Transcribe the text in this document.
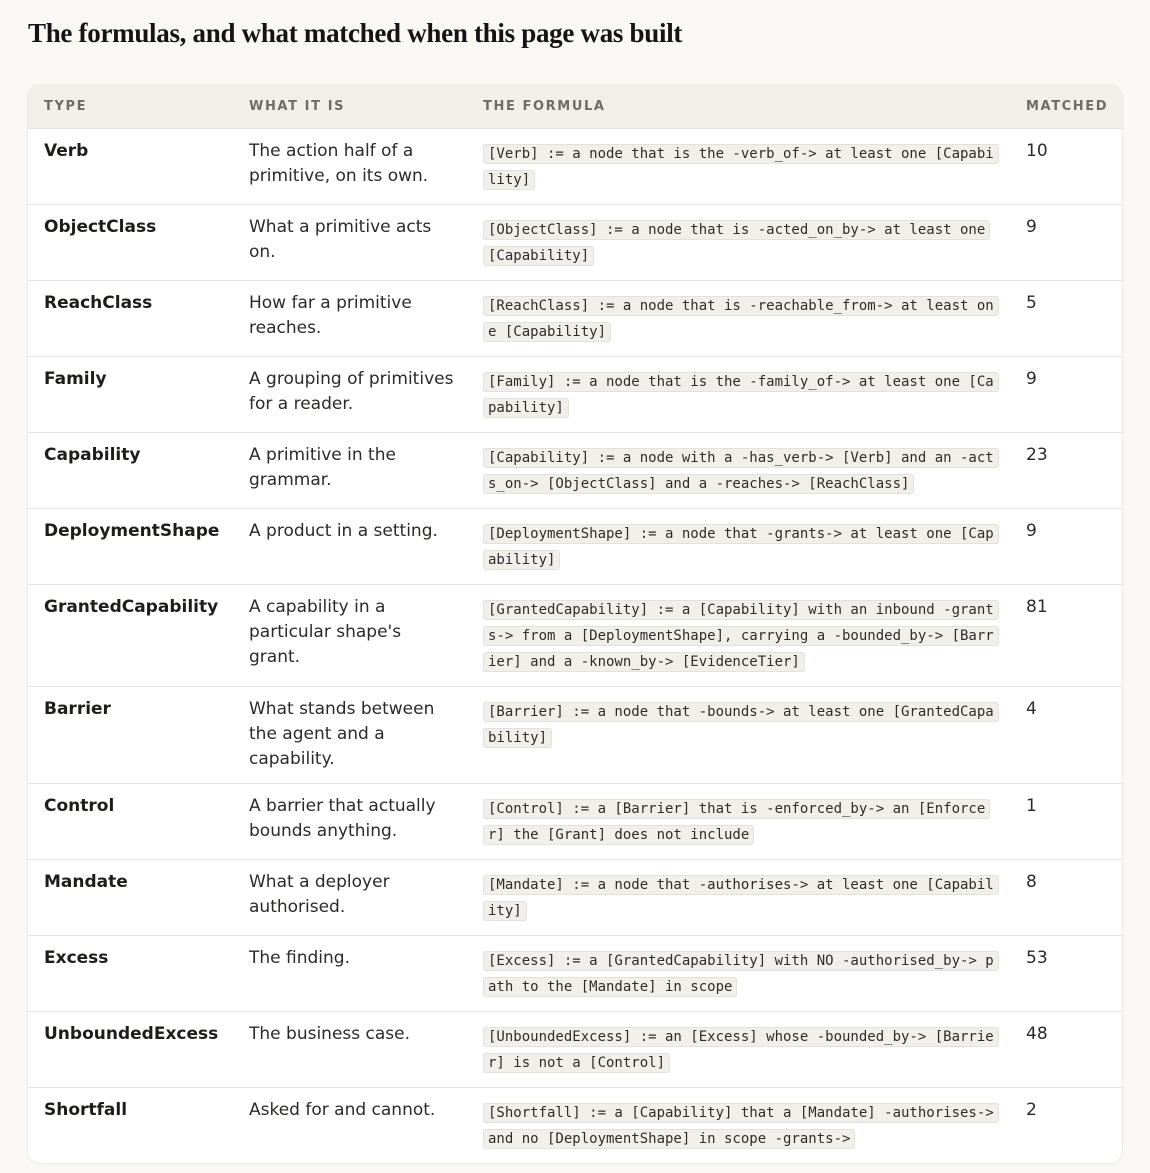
The formulas, and what matched when this page was built
TYPE	WHAT IT IS	THE FORMULA	MATCHED
Verb	The action half of a primitive, on its own.	[Verb] := a node that is the -verb_of-> at least one [Capability]	10
ObjectClass	What a primitive acts on.	[ObjectClass] := a node that is -acted_on_by-> at least one [Capability]	9
ReachClass	How far a primitive reaches.	[ReachClass] := a node that is -reachable_from-> at least one [Capability]	5
Family	A grouping of primitives for a reader.	[Family] := a node that is the -family_of-> at least one [Capability]	9
Capability	A primitive in the grammar.	[Capability] := a node with a -has_verb-> [Verb] and an -acts_on-> [ObjectClass] and a -reaches-> [ReachClass]	23
DeploymentShape	A product in a setting.	[DeploymentShape] := a node that -grants-> at least one [Capability]	9
GrantedCapability	A capability in a particular shape's grant.	[GrantedCapability] := a [Capability] with an inbound -grants-> from a [DeploymentShape], carrying a -bounded_by-> [Barrier] and a -known_by-> [EvidenceTier]	81
Barrier	What stands between the agent and a capability.	[Barrier] := a node that -bounds-> at least one [GrantedCapability]	4
Control	A barrier that actually bounds anything.	[Control] := a [Barrier] that is -enforced_by-> an [Enforcer] the [Grant] does not include	1
Mandate	What a deployer authorised.	[Mandate] := a node that -authorises-> at least one [Capability]	8
Excess	The finding.	[Excess] := a [GrantedCapability] with NO -authorised_by-> path to the [Mandate] in scope	53
UnboundedExcess	The business case.	[UnboundedExcess] := an [Excess] whose -bounded_by-> [Barrier] is not a [Control]	48
Shortfall	Asked for and cannot.	[Shortfall] := a [Capability] that a [Mandate] -authorises-> and no [DeploymentShape] in scope -grants->	2
